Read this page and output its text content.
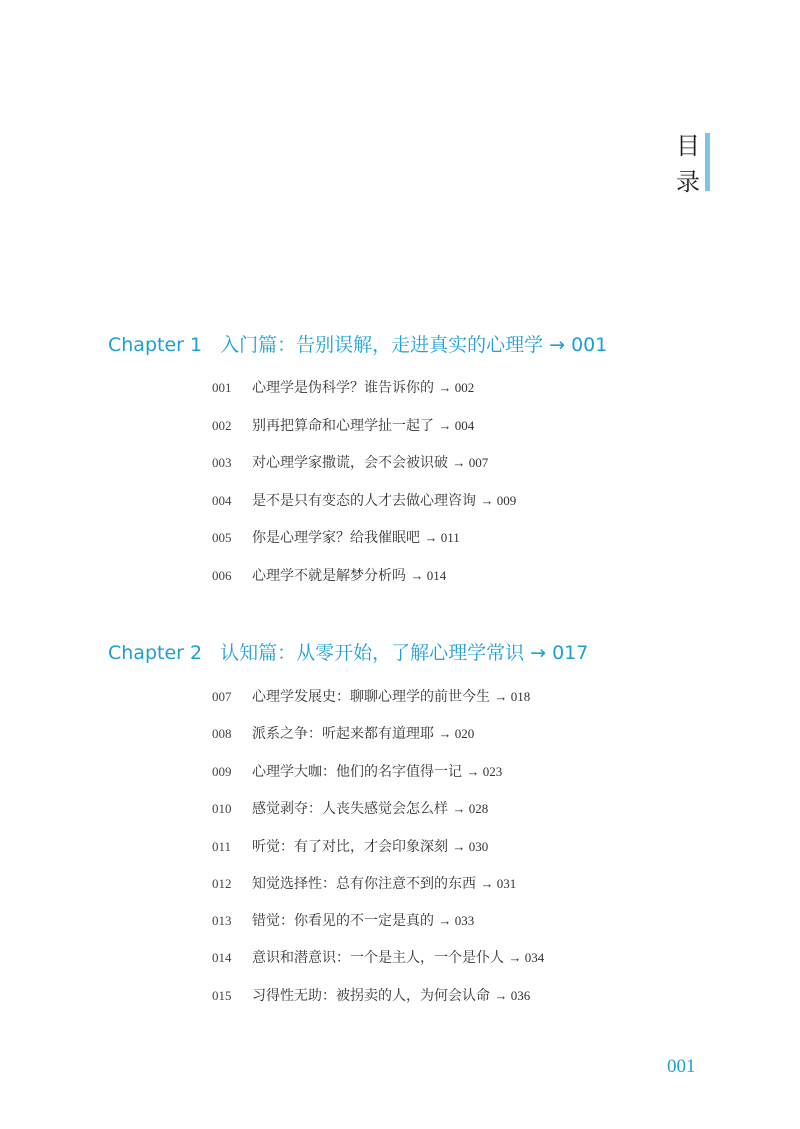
目
录
Chapter 1 入门篇：告别误解，走进真实的心理学 → 001
001 心理学是伪科学？谁告诉你的 → 002
002 别再把算命和心理学扯一起了 → 004
003 对心理学家撒谎，会不会被识破 → 007
004 是不是只有变态的人才去做心理咨询 → 009
005 你是心理学家？给我催眠吧 → 011
006 心理学不就是解梦分析吗 → 014
Chapter 2 认知篇：从零开始，了解心理学常识 → 017
007 心理学发展史：聊聊心理学的前世今生 → 018
008 派系之争：听起来都有道理耶 → 020
009 心理学大咖：他们的名字值得一记 → 023
010 感觉剥夺：人丧失感觉会怎么样 → 028
011 听觉：有了对比，才会印象深刻 → 030
012 知觉选择性：总有你注意不到的东西 → 031
013 错觉：你看见的不一定是真的 → 033
014 意识和潜意识：一个是主人，一个是仆人 → 034
015 习得性无助：被拐卖的人，为何会认命 → 036
001
